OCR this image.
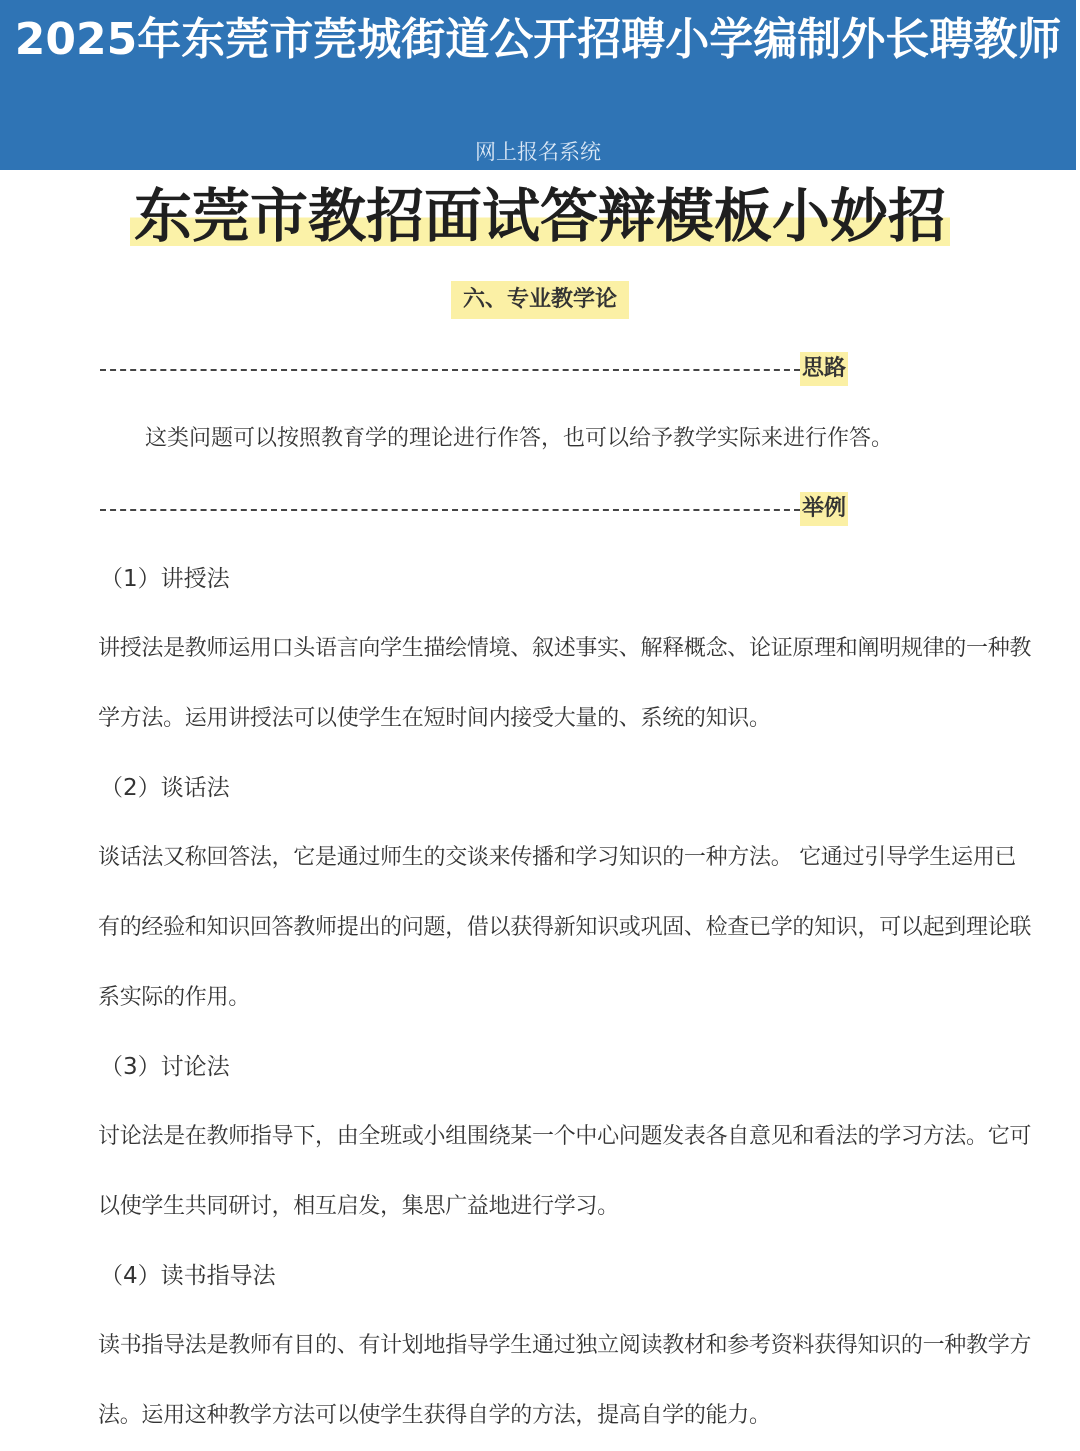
2025年东莞市莞城街道公开招聘小学编制外长聘教师
网上报名系统
东莞市教招面试答辩模板小妙招
六、专业教学论
思路
这类问题可以按照教育学的理论进行作答，也可以给予教学实际来进行作答。
举例
（1）讲授法
讲授法是教师运用口头语言向学生描绘情境、叙述事实、解释概念、论证原理和阐明规律的一种教学方法。运用讲授法可以使学生在短时间内接受大量的、系统的知识。
（2）谈话法
谈话法又称回答法，它是通过师生的交谈来传播和学习知识的一种方法。 它通过引导学生运用已有的经验和知识回答教师提出的问题，借以获得新知识或巩固、检查已学的知识，可以起到理论联系实际的作用。
（3）讨论法
讨论法是在教师指导下，由全班或小组围绕某一个中心问题发表各自意见和看法的学习方法。它可以使学生共同研讨，相互启发，集思广益地进行学习。
（4）读书指导法
读书指导法是教师有目的、有计划地指导学生通过独立阅读教材和参考资料获得知识的一种教学方法。运用这种教学方法可以使学生获得自学的方法，提高自学的能力。
